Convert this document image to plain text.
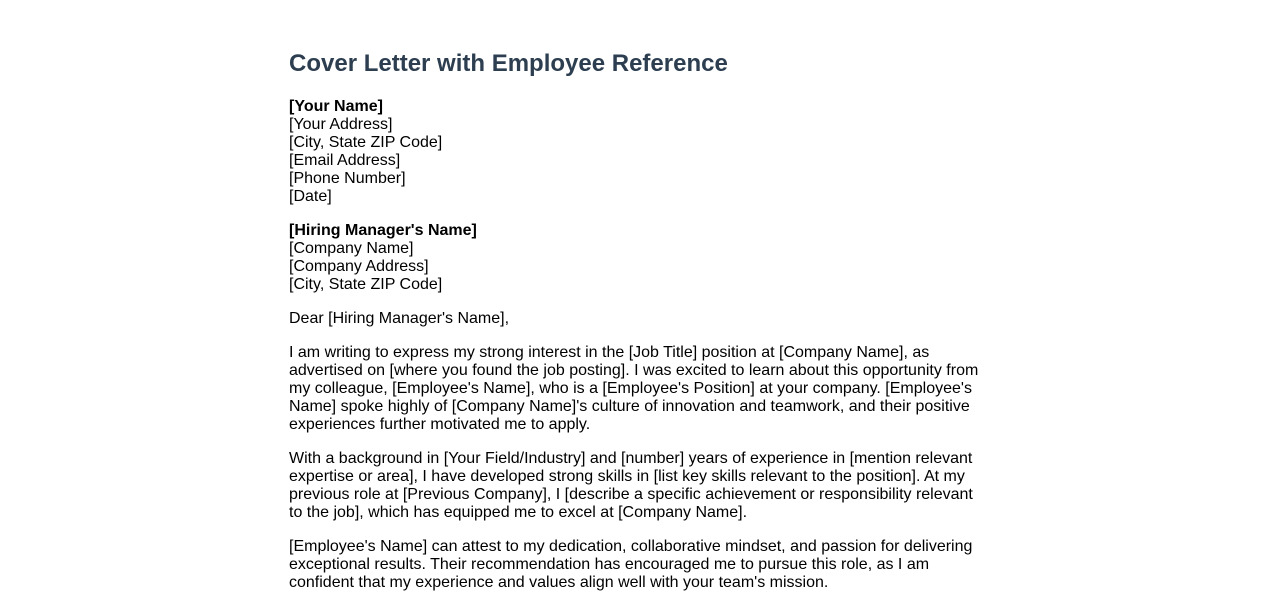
Cover Letter with Employee Reference
[Your Name]
[Your Address]
[City, State ZIP Code]
[Email Address]
[Phone Number]
[Date]
[Hiring Manager's Name]
[Company Name]
[Company Address]
[City, State ZIP Code]

Dear [Hiring Manager's Name],

I am writing to express my strong interest in the [Job Title] position at [Company Name], as advertised on [where you found the job posting]. I was excited to learn about this opportunity from my colleague, [Employee's Name], who is a [Employee's Position] at your company. [Employee's Name] spoke highly of [Company Name]'s culture of innovation and teamwork, and their positive experiences further motivated me to apply.

With a background in [Your Field/Industry] and [number] years of experience in [mention relevant expertise or area], I have developed strong skills in [list key skills relevant to the position]. At my previous role at [Previous Company], I [describe a specific achievement or responsibility relevant to the job], which has equipped me to excel at [Company Name].

[Employee's Name] can attest to my dedication, collaborative mindset, and passion for delivering exceptional results. Their recommendation has encouraged me to pursue this role, as I am confident that my experience and values align well with your team's mission.
